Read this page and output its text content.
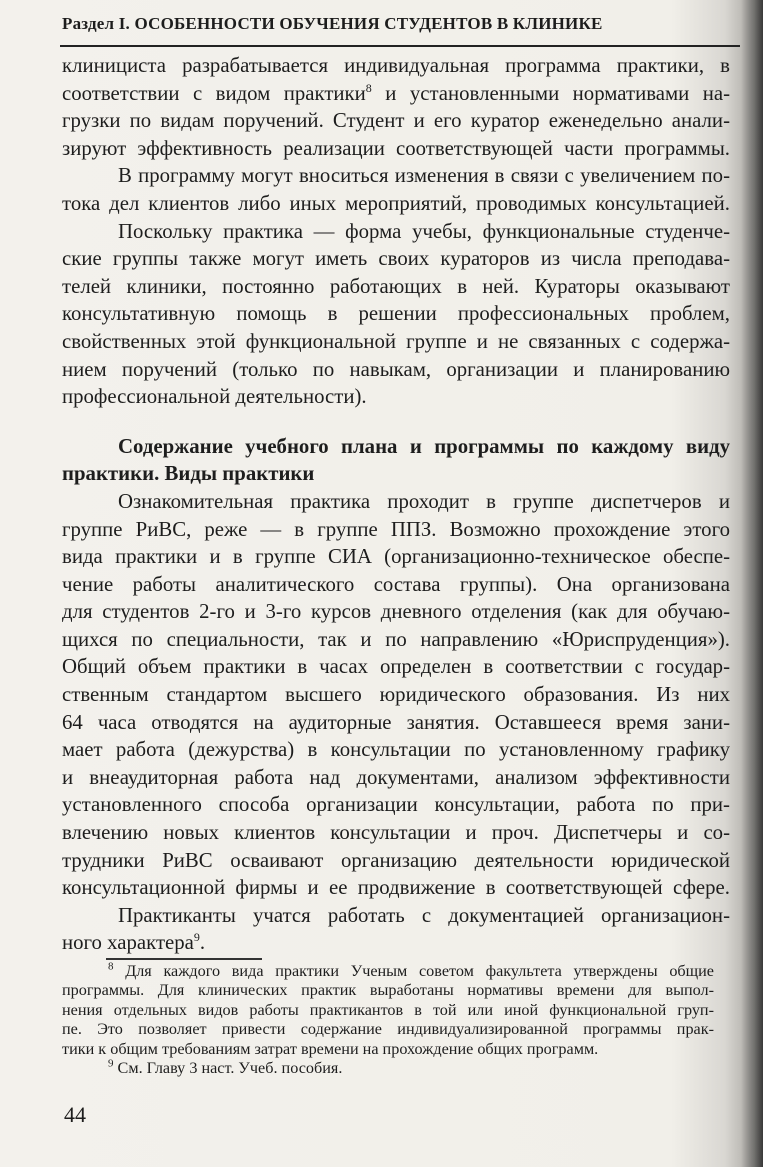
Раздел I. ОСОБЕННОСТИ ОБУЧЕНИЯ СТУДЕНТОВ В КЛИНИКЕ
клинициста разрабатывается индивидуальная программа практики, в
соответствии с видом практики$^8$ и установленными нормативами на-
грузки по видам поручений. Студент и его куратор еженедельно анали-
зируют эффективность реализации соответствующей части программы.
В программу могут вноситься изменения в связи с увеличением по-
тока дел клиентов либо иных мероприятий, проводимых консультацией.
Поскольку практика — форма учебы, функциональные студенче-
ские группы также могут иметь своих кураторов из числа преподава-
телей клиники, постоянно работающих в ней. Кураторы оказывают
консультативную помощь в решении профессиональных проблем,
свойственных этой функциональной группе и не связанных с содержа-
нием поручений (только по навыкам, организации и планированию
профессиональной деятельности).
Содержание учебного плана и программы по каждому виду
практики. Виды практики
Ознакомительная практика проходит в группе диспетчеров и
группе РиВС, реже — в группе ППЗ. Возможно прохождение этого
вида практики и в группе СИА (организационно-техническое обеспе-
чение работы аналитического состава группы). Она организована
для студентов 2-го и 3-го курсов дневного отделения (как для обучаю-
щихся по специальности, так и по направлению «Юриспруденция»).
Общий объем практики в часах определен в соответствии с государ-
ственным стандартом высшего юридического образования. Из них
64 часа отводятся на аудиторные занятия. Оставшееся время зани-
мает работа (дежурства) в консультации по установленному графику
и внеаудиторная работа над документами, анализом эффективности
установленного способа организации консультации, работа по при-
влечению новых клиентов консультации и проч. Диспетчеры и со-
трудники РиВС осваивают организацию деятельности юридической
консультационной фирмы и ее продвижение в соответствующей сфере.
Практиканты учатся работать с документацией организацион-
ного характера$^9$.
$^8$ Для каждого вида практики Ученым советом факультета утверждены общие
программы. Для клинических практик выработаны нормативы времени для выпол-
нения отдельных видов работы практикантов в той или иной функциональной груп-
пе. Это позволяет привести содержание индивидуализированной программы прак-
тики к общим требованиям затрат времени на прохождение общих программ.
$^9$ См. Главу 3 наст. Учеб. пособия.
44
